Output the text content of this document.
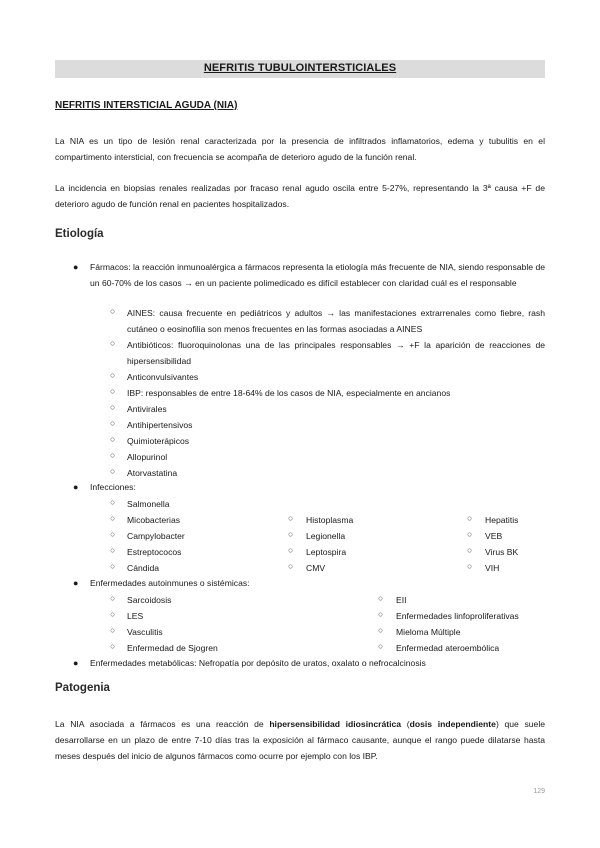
NEFRITIS TUBULOINTERSTICIALES
NEFRITIS INTERSTICIAL AGUDA (NIA)
La NIA es un tipo de lesión renal caracterizada por la presencia de infiltrados inflamatorios, edema y tubulitis en el compartimento intersticial, con frecuencia se acompaña de deterioro agudo de la función renal.
La incidencia en biopsias renales realizadas por fracaso renal agudo oscila entre 5-27%, representando la 3ª causa +F de deterioro agudo de función renal en pacientes hospitalizados.
Etiología
● Fármacos: la reacción inmunoalérgica a fármacos representa la etiología más frecuente de NIA, siendo responsable de un 60-70% de los casos → en un paciente polimedicado es difícil establecer con claridad cuál es el responsable
○ AINES: causa frecuente en pediátricos y adultos → las manifestaciones extrarrenales como fiebre, rash cutáneo o eosinofilia son menos frecuentes en las formas asociadas a AINES
○ Antibióticos: fluoroquinolonas una de las principales responsables → +F la aparición de reacciones de hipersensibilidad
○ Anticonvulsivantes
○ IBP: responsables de entre 18-64% de los casos de NIA, especialmente en ancianos
○ Antivirales
○ Antihipertensivos
○ Quimioterápicos
○ Allopurinol
○ Atorvastatina
● Infecciones:
○ Salmonella
○ Micobacterias
○ Campylobacter
○ Estreptococos
○ Cándida
○ Histoplasma
○ Legionella
○ Leptospira
○ CMV
○ Hepatitis
○ VEB
○ Virus BK
○ VIH
● Enfermedades autoinmunes o sistémicas:
○ Sarcoidosis
○ LES
○ Vasculitis
○ Enfermedad de Sjogren
○ EII
○ Enfermedades linfoproliferativas
○ Mieloma Múltiple
○ Enfermedad ateroembólica
● Enfermedades metabólicas: Nefropatía por depósito de uratos, oxalato o nefrocalcinosis
Patogenia
La NIA asociada a fármacos es una reacción de hipersensibilidad idiosincrática (dosis independiente) que suele desarrollarse en un plazo de entre 7-10 días tras la exposición al fármaco causante, aunque el rango puede dilatarse hasta meses después del inicio de algunos fármacos como ocurre por ejemplo con los IBP.
129
